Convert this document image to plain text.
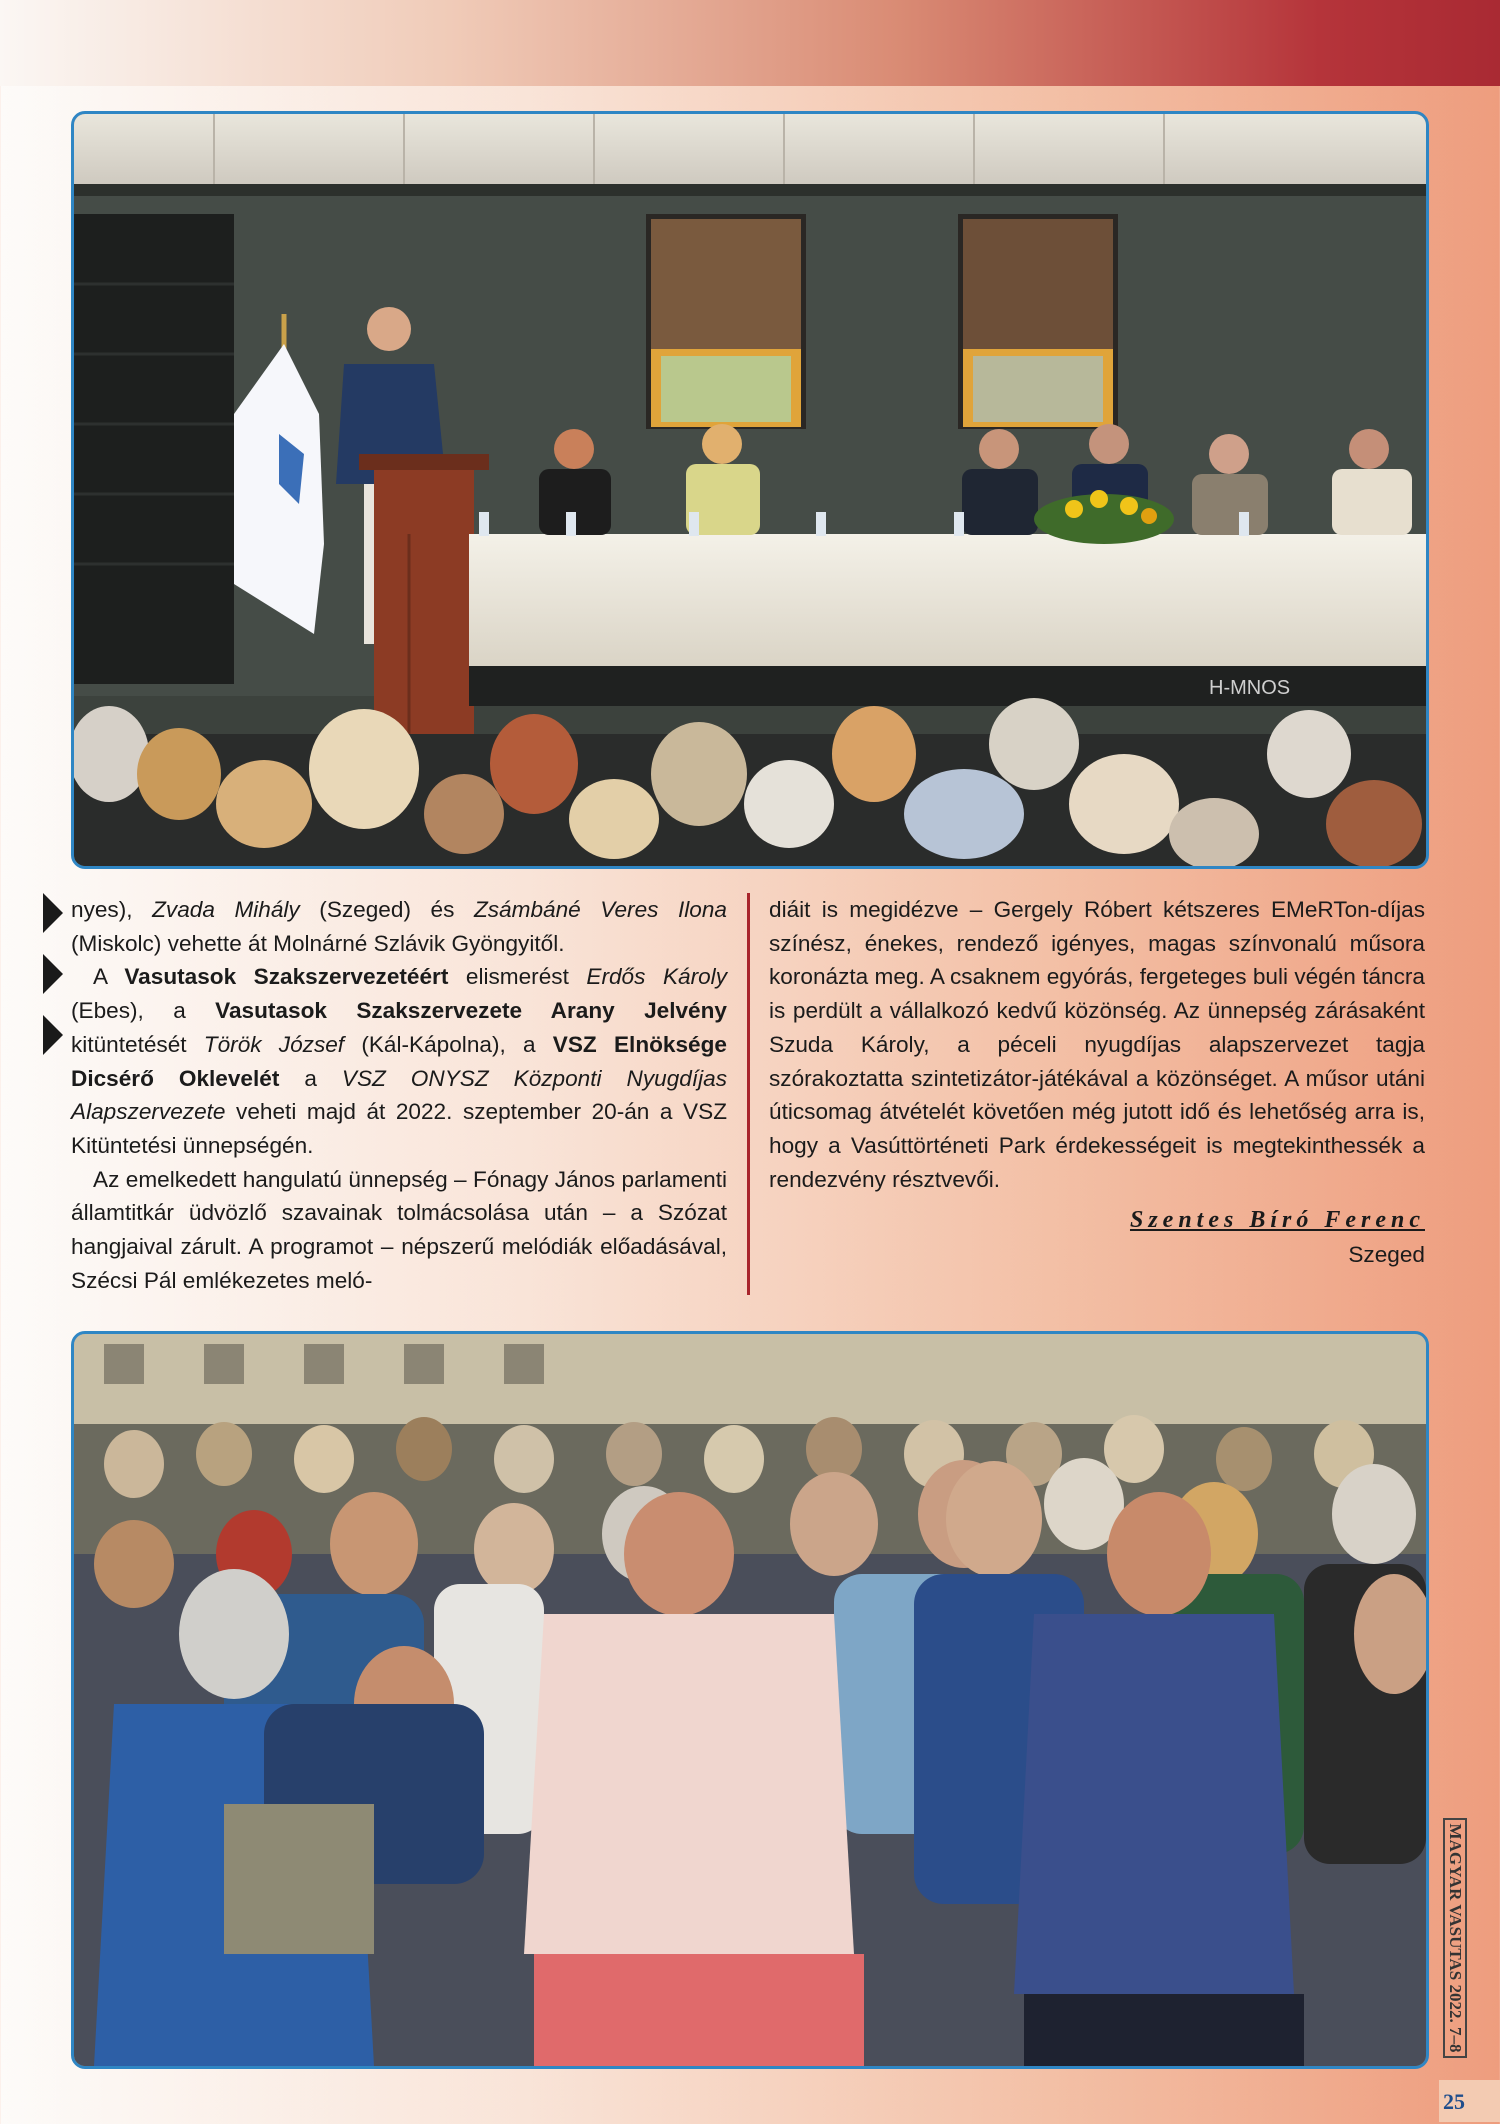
H-MNOS

nyes), Zvada Mihály (Szeged) és Zsámbáné Veres Ilona (Miskolc) vehette át Molnárné Szlávik Gyöngyitől.

A Vasutasok Szakszervezetéért elismerést Erdős Károly (Ebes), a Vasutasok Szakszervezete Arany Jelvény kitüntetését Török József (Kál-Kápolna), a VSZ Elnöksége Dicsérő Oklevelét a VSZ ONYSZ Központi Nyugdíjas Alapszervezete veheti majd át 2022. szeptember 20-án a VSZ Kitüntetési ünnepségén.

Az emelkedett hangulatú ünnepség – Fónagy János parlamenti államtitkár üdvözlő szavainak tolmácsolása után – a Szózat hangjaival zárult. A programot – népszerű melódiák előadásával, Szécsi Pál emlékezetes meló-

diáit is megidézve – Gergely Róbert kétszeres EMeRTon-díjas színész, énekes, rendező igényes, magas színvonalú műsora koronázta meg. A csaknem egyórás, fergeteges buli végén táncra is perdült a vállalkozó kedvű közönség. Az ünnepség zárásaként Szuda Károly, a péceli nyugdíjas alapszervezet tagja szórakoztatta szintetizátor-játékával a közönséget. A műsor utáni úticsomag átvételét követően még jutott idő és lehetőség arra is, hogy a Vasúttörténeti Park érdekességeit is megtekinthessék a rendezvény résztvevői.

Szentes Bíró Ferenc

Szeged

MAGYAR VASUTAS 2022. 7–8
25
